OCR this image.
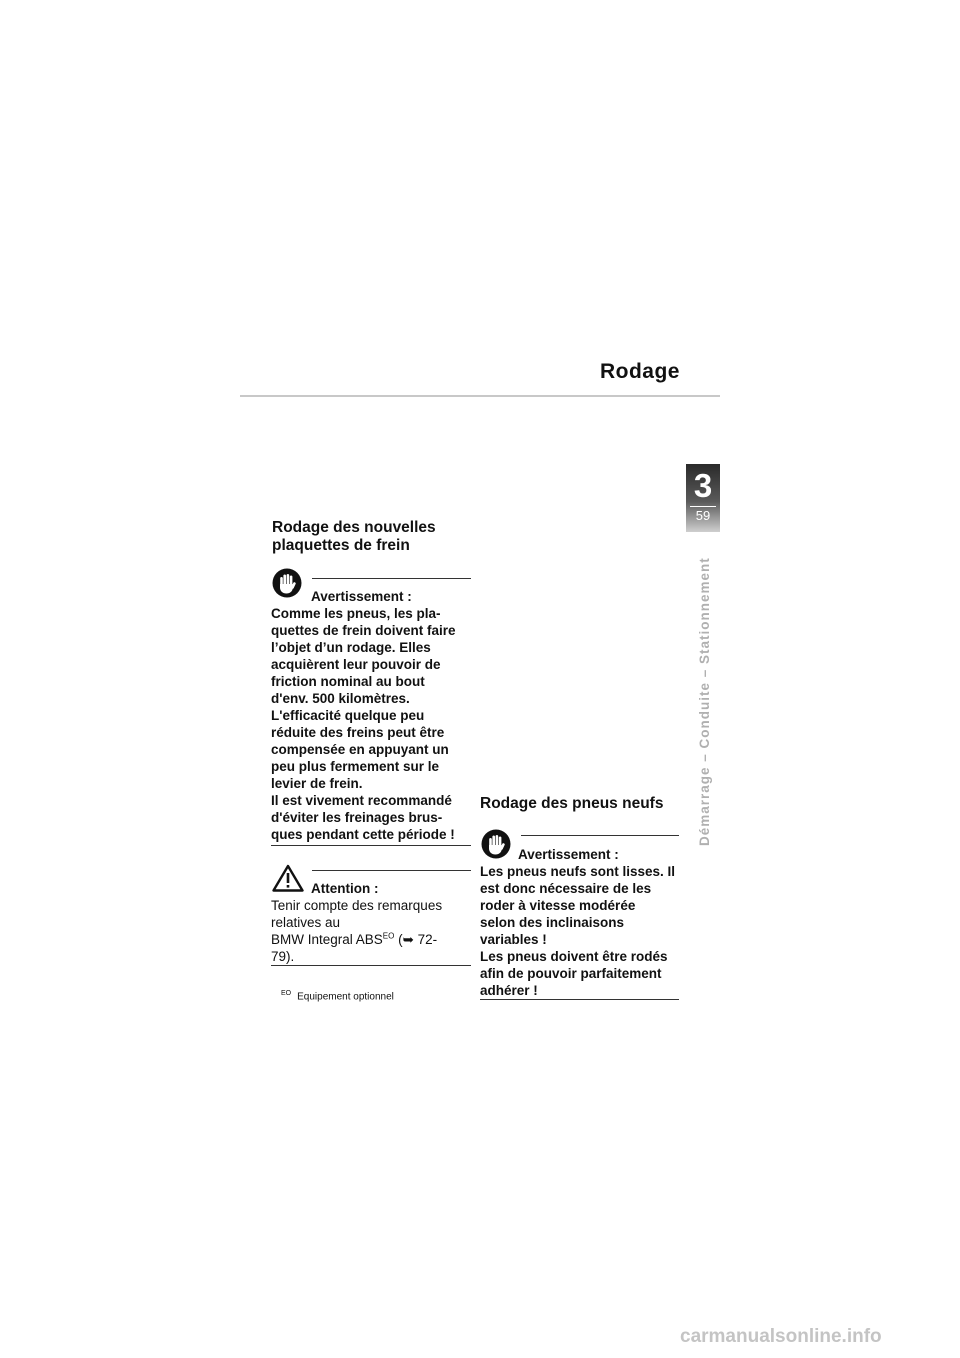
Rodage
3
59
Démarrage – Conduite – Stationnement
Rodage des nouvelles
plaquettes de frein
Avertissement :

Comme les pneus, les pla-
quettes de frein doivent faire
l’objet d’un rodage. Elles
acquièrent leur pouvoir de
friction nominal au bout
d'env. 500 kilomètres.
L'efficacité quelque peu
réduite des freins peut être
compensée en appuyant un
peu plus fermement sur le
levier de frein.
Il est vivement recommandé
d'éviter les freinages brus-
ques pendant cette période !

Attention :

Tenir compte des remarques
relatives au
BMW Integral $ABS^{EO}$ (➥ 72-
79).

$^{EO}$ Equipement optionnel
Rodage des pneus neufs
Avertissement :

Les pneus neufs sont lisses. Il
est donc nécessaire de les
roder à vitesse modérée
selon des inclinaisons
variables !
Les pneus doivent être rodés
afin de pouvoir parfaitement
adhérer !

carmanualsonline.info
